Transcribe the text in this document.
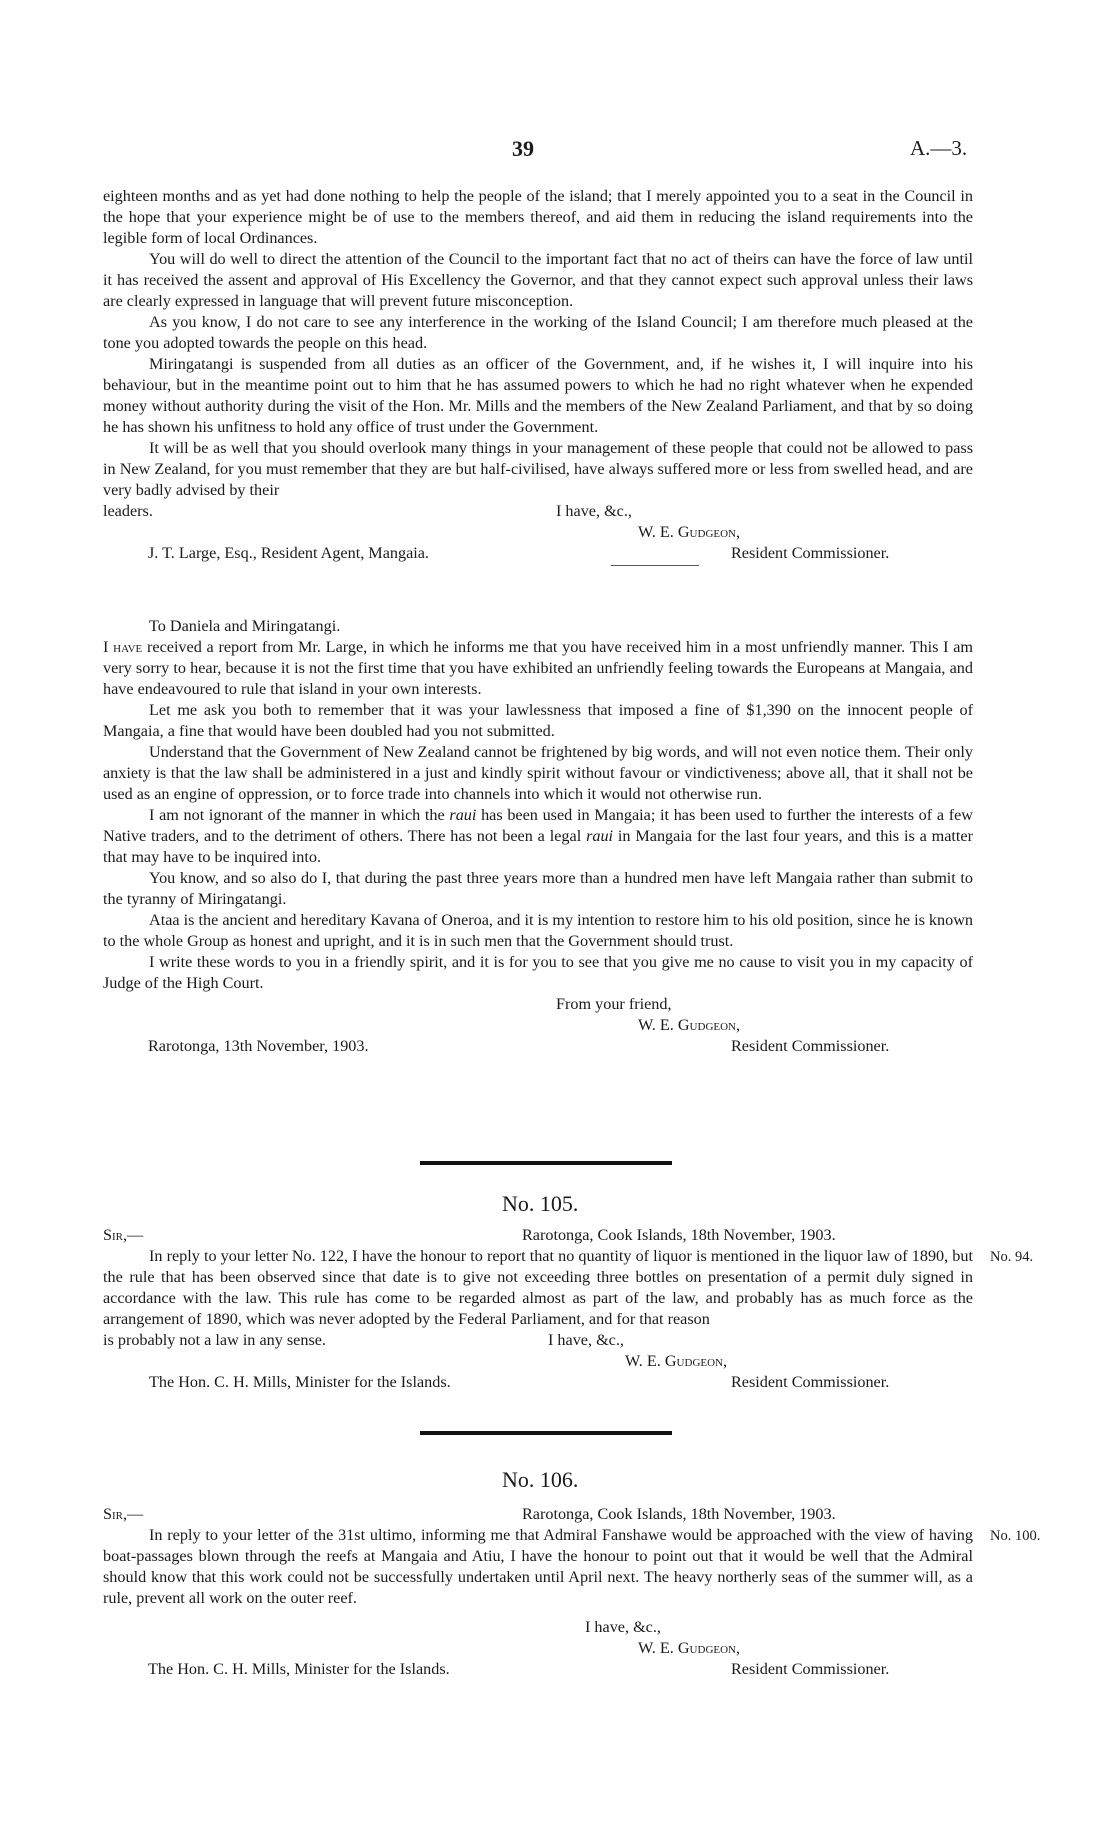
39	A.—3.

eighteen months and as yet had done nothing to help the people of the island; that I merely appointed you to a seat in the Council in the hope that your experience might be of use to the members thereof, and aid them in reducing the island requirements into the legible form of local Ordinances.

You will do well to direct the attention of the Council to the important fact that no act of theirs can have the force of law until it has received the assent and approval of His Excellency the Governor, and that they cannot expect such approval unless their laws are clearly expressed in language that will prevent future misconception.

As you know, I do not care to see any interference in the working of the Island Council; I am therefore much pleased at the tone you adopted towards the people on this head.

Miringatangi is suspended from all duties as an officer of the Government, and, if he wishes it, I will inquire into his behaviour, but in the meantime point out to him that he has assumed powers to which he had no right whatever when he expended money without authority during the visit of the Hon. Mr. Mills and the members of the New Zealand Parliament, and that by so doing he has shown his unfitness to hold any office of trust under the Government.

It will be as well that you should overlook many things in your management of these people that could not be allowed to pass in New Zealand, for you must remember that they are but half-civilised, have always suffered more or less from swelled head, and are very badly advised by their

leaders.	I have, &c.,
W. E. Gudgeon,
J. T. Large, Esq., Resident Agent, Mangaia.	Resident Commissioner.

To Daniela and Miringatangi.

I have received a report from Mr. Large, in which he informs me that you have received him in a most unfriendly manner. This I am very sorry to hear, because it is not the first time that you have exhibited an unfriendly feeling towards the Europeans at Mangaia, and have endeavoured to rule that island in your own interests.

Let me ask you both to remember that it was your lawlessness that imposed a fine of $1,390 on the innocent people of Mangaia, a fine that would have been doubled had you not submitted.

Understand that the Government of New Zealand cannot be frightened by big words, and will not even notice them. Their only anxiety is that the law shall be administered in a just and kindly spirit without favour or vindictiveness; above all, that it shall not be used as an engine of oppression, or to force trade into channels into which it would not otherwise run.

I am not ignorant of the manner in which the raui has been used in Mangaia; it has been used to further the interests of a few Native traders, and to the detriment of others. There has not been a legal raui in Mangaia for the last four years, and this is a matter that may have to be inquired into.

You know, and so also do I, that during the past three years more than a hundred men have left Mangaia rather than submit to the tyranny of Miringatangi.

Ataa is the ancient and hereditary Kavana of Oneroa, and it is my intention to restore him to his old position, since he is known to the whole Group as honest and upright, and it is in such men that the Government should trust.

I write these words to you in a friendly spirit, and it is for you to see that you give me no cause to visit you in my capacity of Judge of the High Court.

From your friend,
W. E. Gudgeon,
Rarotonga, 13th November, 1903.	Resident Commissioner.
No. 105.
Sir,—	Rarotonga, Cook Islands, 18th November, 1903.
No. 94.

In reply to your letter No. 122, I have the honour to report that no quantity of liquor is mentioned in the liquor law of 1890, but the rule that has been observed since that date is to give not exceeding three bottles on presentation of a permit duly signed in accordance with the law. This rule has come to be regarded almost as part of the law, and probably has as much force as the arrangement of 1890, which was never adopted by the Federal Parliament, and for that reason

is probably not a law in any sense.	I have, &c.,
W. E. Gudgeon,
The Hon. C. H. Mills, Minister for the Islands.	Resident Commissioner.
No. 106.
Sir,—	Rarotonga, Cook Islands, 18th November, 1903.
No. 100.

In reply to your letter of the 31st ultimo, informing me that Admiral Fanshawe would be approached with the view of having boat-passages blown through the reefs at Mangaia and Atiu, I have the honour to point out that it would be well that the Admiral should know that this work could not be successfully undertaken until April next. The heavy northerly seas of the summer will, as a rule, prevent all work on the outer reef.

I have, &c.,
W. E. Gudgeon,
The Hon. C. H. Mills, Minister for the Islands.	Resident Commissioner.
